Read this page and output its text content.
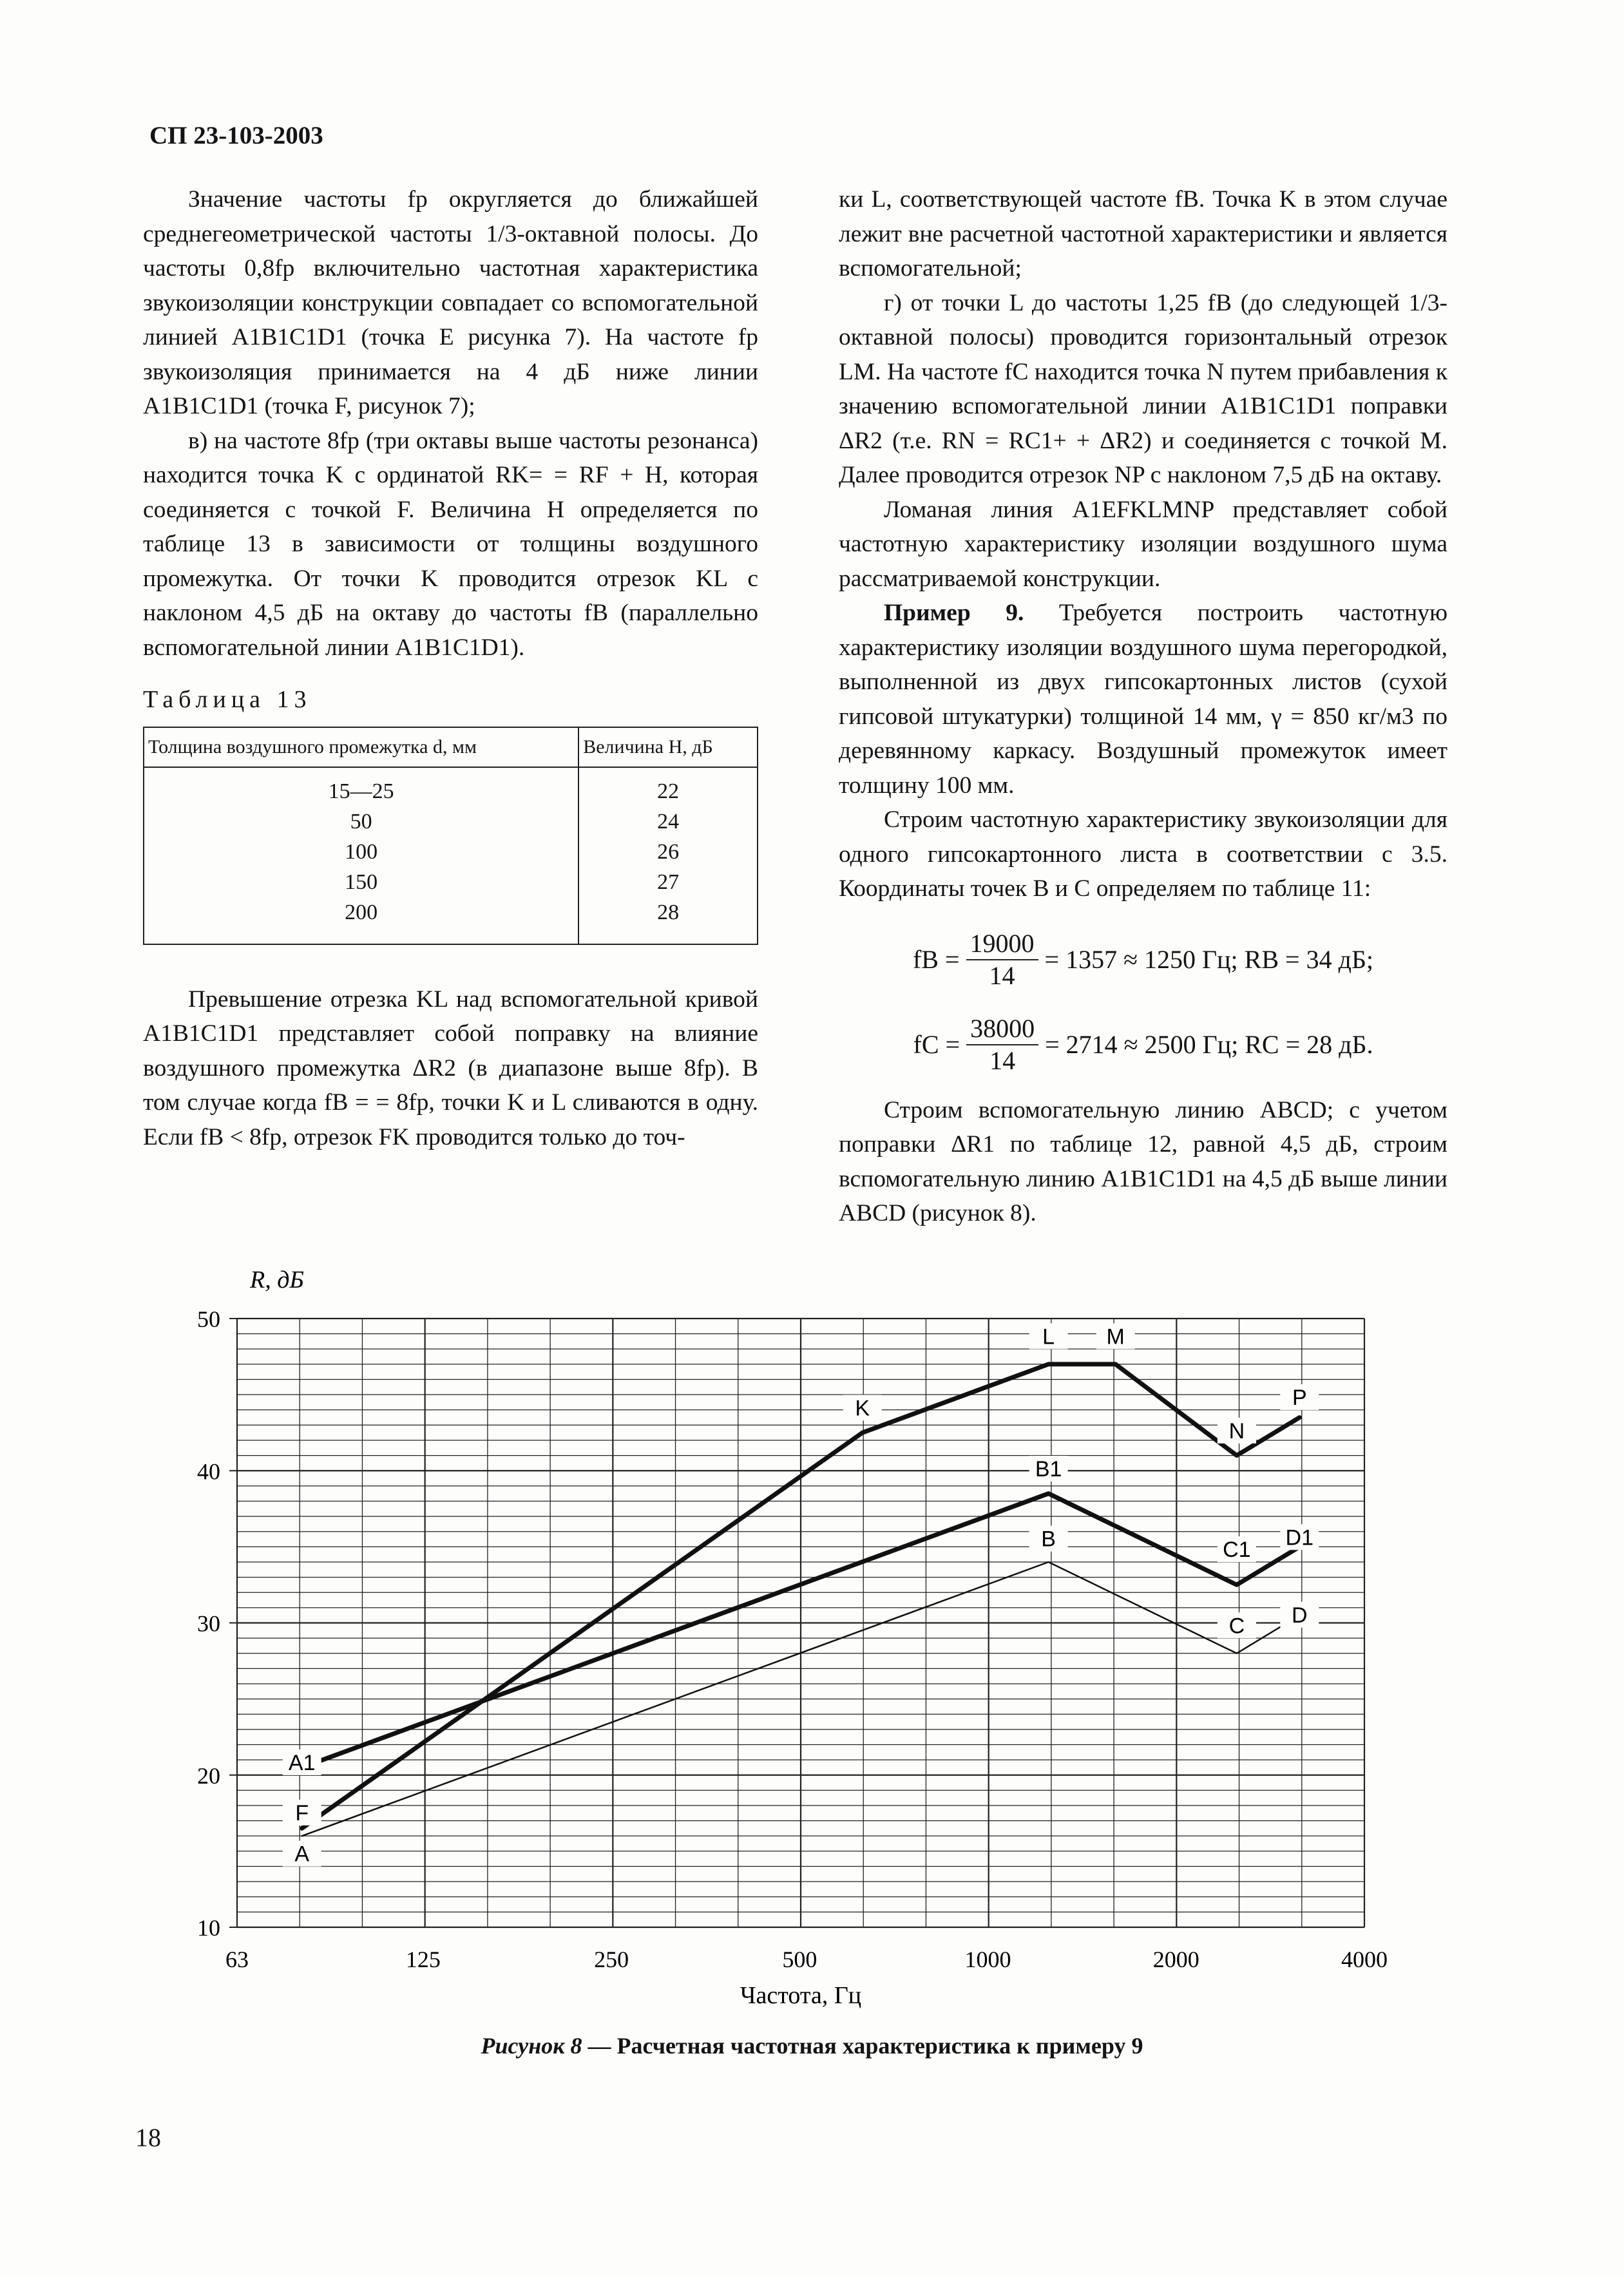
СП 23-103-2003

Значение частоты fр округляется до ближайшей среднегеометрической частоты 1/3-октавной полосы. До частоты 0,8fр включительно частотная характеристика звукоизоляции конструкции совпадает со вспомогательной линией A1B1C1D1 (точка E рисунка 7). На частоте fр звукоизоляция принимается на 4 дБ ниже линии A1B1C1D1 (точка F, рисунок 7);

в) на частоте 8fр (три октавы выше частоты резонанса) находится точка K с ординатой RK= = RF + H, которая соединяется с точкой F. Величина H определяется по таблице 13 в зависимости от толщины воздушного промежутка. От точки K проводится отрезок KL с наклоном 4,5 дБ на октаву до частоты fB (параллельно вспомогательной линии A1B1C1D1).

Таблица 13
Толщина воздушного промежутка d, мм	Величина H, дБ
15—25	22
50	24
100	26
150	27
200	28

Превышение отрезка KL над вспомогательной кривой A1B1C1D1 представляет собой поправку на влияние воздушного промежутка ΔR2 (в диапазоне выше 8fр). В том случае когда fB = = 8fр, точки K и L сливаются в одну. Если fB < 8fр, отрезок FK проводится только до точ-

ки L, соответствующей частоте fB. Точка K в этом случае лежит вне расчетной частотной характеристики и является вспомогательной;

г) от точки L до частоты 1,25 fB (до следующей 1/3-октавной полосы) проводится горизонтальный отрезок LM. На частоте fC находится точка N путем прибавления к значению вспомогательной линии A1B1C1D1 поправки ΔR2 (т.е. RN = RC1+ + ΔR2) и соединяется с точкой M. Далее проводится отрезок NP с наклоном 7,5 дБ на октаву.

Ломаная линия A1EFKLMNP представляет собой частотную характеристику изоляции воздушного шума рассматриваемой конструкции.

Пример 9. Требуется построить частотную характеристику изоляции воздушного шума перегородкой, выполненной из двух гипсокартонных листов (сухой гипсовой штукатурки) толщиной 14 мм, γ = 850 кг/м3 по деревянному каркасу. Воздушный промежуток имеет толщину 100 мм.

Строим частотную характеристику звукоизоляции для одного гипсокартонного листа в соответствии с 3.5. Координаты точек B и C определяем по таблице 11:

fB = $\frac{19000}{14} = 1357 \approx 1250$ Гц; RB = 34 дБ;
fC = $\frac{38000}{14} = 2714 \approx 2500$ Гц; RC = 28 дБ.

Строим вспомогательную линию ABCD; с учетом поправки ΔR1 по таблице 12, равной 4,5 дБ, строим вспомогательную линию A1B1C1D1 на 4,5 дБ выше линии ABCD (рисунок 8).

10
20
30
40
50
63	125	250	500	1000	2000	4000
R, дБ
Частота, Гц
A1
F
A
K
L M
N
P
B1
B	C1 D1
C D
Рисунок 8 — Расчетная частотная характеристика к примеру 9
18
